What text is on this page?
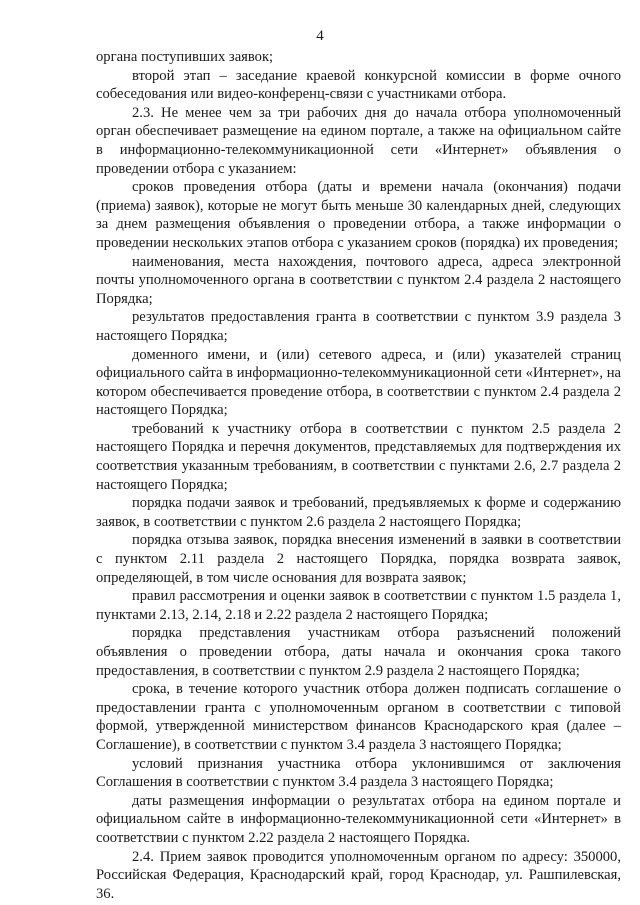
4

органа поступивших заявок;

второй этап – заседание краевой конкурсной комиссии в форме очного собеседования или видео-конференц-связи с участниками отбора.

2.3. Не менее чем за три рабочих дня до начала отбора уполномоченный орган обеспечивает размещение на едином портале, а также на официальном сайте в информационно-телекоммуникационной сети «Интернет» объявления о проведении отбора с указанием:

сроков проведения отбора (даты и времени начала (окончания) подачи (приема) заявок), которые не могут быть меньше 30 календарных дней, следующих за днем размещения объявления о проведении отбора, а также информации о проведении нескольких этапов отбора с указанием сроков (порядка) их проведения;

наименования, места нахождения, почтового адреса, адреса электронной почты уполномоченного органа в соответствии с пунктом 2.4 раздела 2 настоящего Порядка;

результатов предоставления гранта в соответствии с пунктом 3.9 раздела 3 настоящего Порядка;

доменного имени, и (или) сетевого адреса, и (или) указателей страниц официального сайта в информационно-телекоммуникационной сети «Интернет», на котором обеспечивается проведение отбора, в соответствии с пунктом 2.4 раздела 2 настоящего Порядка;

требований к участнику отбора в соответствии с пунктом 2.5 раздела 2 настоящего Порядка и перечня документов, представляемых для подтверждения их соответствия указанным требованиям, в соответствии с пунктами 2.6, 2.7 раздела 2 настоящего Порядка;

порядка подачи заявок и требований, предъявляемых к форме и содержанию заявок, в соответствии с пунктом 2.6 раздела 2 настоящего Порядка;

порядка отзыва заявок, порядка внесения изменений в заявки в соответствии с пунктом 2.11 раздела 2 настоящего Порядка, порядка возврата заявок, определяющей, в том числе основания для возврата заявок;

правил рассмотрения и оценки заявок в соответствии с пунктом 1.5 раздела 1, пунктами 2.13, 2.14, 2.18 и 2.22 раздела 2 настоящего Порядка;

порядка представления участникам отбора разъяснений положений объявления о проведении отбора, даты начала и окончания срока такого предоставления, в соответствии с пунктом 2.9 раздела 2 настоящего Порядка;

срока, в течение которого участник отбора должен подписать соглашение о предоставлении гранта с уполномоченным органом в соответствии с типовой формой, утвержденной министерством финансов Краснодарского края (далее – Соглашение), в соответствии с пунктом 3.4 раздела 3 настоящего Порядка;

условий признания участника отбора уклонившимся от заключения Соглашения в соответствии с пунктом 3.4 раздела 3 настоящего Порядка;

даты размещения информации о результатах отбора на едином портале и официальном сайте в информационно-телекоммуникационной сети «Интернет» в соответствии с пунктом 2.22 раздела 2 настоящего Порядка.

2.4. Прием заявок проводится уполномоченным органом по адресу: 350000, Российская Федерация, Краснодарский край, город Краснодар, ул. Рашпилевская, 36.
